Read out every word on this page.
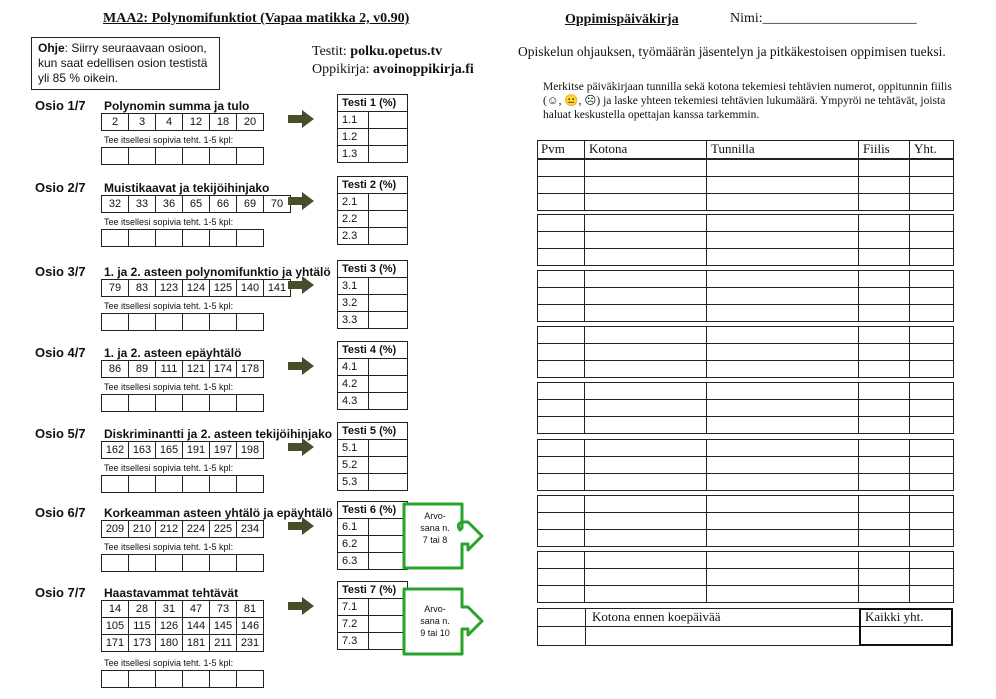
MAA2: Polynomifunktiot (Vapaa matikka 2, v0.90)
Ohje: Siirry seuraavaan osioon, kun saat edellisen osion testistä yli 85 % oikein.
Testit: polku.opetus.tv
Oppikirja: avoinoppikirja.fi
Osio 1/7 Polynomin summa ja tulo
2	3	4	12	18	20
Tee itsellesi sopivia teht. 1-5 kpl:

Testi 1 (%)	
1.1	
1.2	
1.3	
Osio 2/7 Muistikaavat ja tekijöihinjako
32	33	36	65	66	69	70
Tee itsellesi sopivia teht. 1-5 kpl:

Testi 2 (%)	
2.1	
2.2	
2.3	
Osio 3/7 1. ja 2. asteen polynomifunktio ja yhtälö
79	83	123	124	125	140	141
Tee itsellesi sopivia teht. 1-5 kpl:

Testi 3 (%)	
3.1	
3.2	
3.3	
Osio 4/7 1. ja 2. asteen epäyhtälö
86	89	111	121	174	178
Tee itsellesi sopivia teht. 1-5 kpl:

Testi 4 (%)	
4.1	
4.2	
4.3	
Osio 5/7 Diskriminantti ja 2. asteen tekijöihinjako
162	163	165	191	197	198
Tee itsellesi sopivia teht. 1-5 kpl:

Testi 5 (%)	
5.1	
5.2	
5.3	
Osio 6/7 Korkeamman asteen yhtälö ja epäyhtälö
209	210	212	224	225	234
Tee itsellesi sopivia teht. 1-5 kpl:

Testi 6 (%)	
6.1	
6.2	
6.3	
Osio 7/7 Haastavammat tehtävät
14	28	31	47	73	81
105	115	126	144	145	146
171	173	180	181	211	231
Tee itsellesi sopivia teht. 1-5 kpl:

Testi 7 (%)	
7.1	
7.2	
7.3	
Arvo-
sana n.
7 tai 8
Arvo-
sana n.
9 tai 10
Oppimispäiväkirja	Nimi:______________________
Opiskelun ohjauksen, työmäärän jäsentelyn ja pitkäkestoisen oppimisen tueksi.
Merkitse päiväkirjaan tunnilla sekä kotona tekemiesi tehtävien numerot, oppitunnin fiilis (☺, 😐, ☹) ja laske yhteen tekemiesi tehtävien lukumäärä. Ympyröi ne tehtävät, joista haluat keskustella opettajan kanssa tarkemmin.
Pvm	Kotona	Tunnilla	Fiilis	Yht.
Kotona ennen koepäivää	Kaikki yht.
